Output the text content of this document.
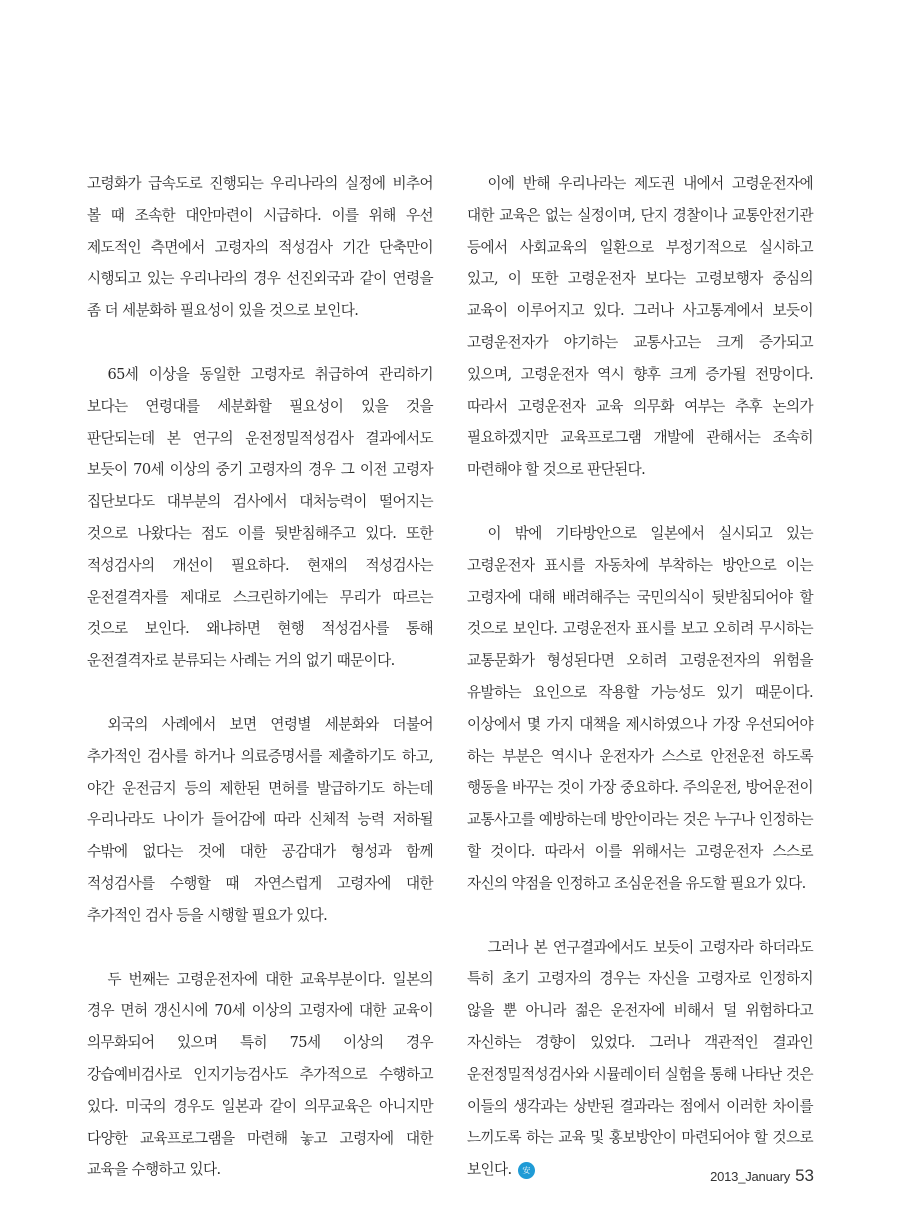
고령화가 급속도로 진행되는 우리나라의 실정에 비추어 볼 때 조속한 대안마련이 시급하다. 이를 위해 우선 제도적인 측면에서 고령자의 적성검사 기간 단축만이 시행되고 있는 우리나라의 경우 선진외국과 같이 연령을 좀 더 세분화하 필요성이 있을 것으로 보인다.

65세 이상을 동일한 고령자로 취급하여 관리하기 보다는 연령대를 세분화할 필요성이 있을 것을 판단되는데 본 연구의 운전정밀적성검사 결과에서도 보듯이 70세 이상의 중기 고령자의 경우 그 이전 고령자 집단보다도 대부분의 검사에서 대처능력이 떨어지는 것으로 나왔다는 점도 이를 뒷받침해주고 있다. 또한 적성검사의 개선이 필요하다. 현재의 적성검사는 운전결격자를 제대로 스크린하기에는 무리가 따르는 것으로 보인다. 왜냐하면 현행 적성검사를 통해 운전결격자로 분류되는 사례는 거의 없기 때문이다.

외국의 사례에서 보면 연령별 세분화와 더불어 추가적인 검사를 하거나 의료증명서를 제출하기도 하고, 야간 운전금지 등의 제한된 면허를 발급하기도 하는데 우리나라도 나이가 들어감에 따라 신체적 능력 저하될 수밖에 없다는 것에 대한 공감대가 형성과 함께 적성검사를 수행할 때 자연스럽게 고령자에 대한 추가적인 검사 등을 시행할 필요가 있다.

두 번째는 고령운전자에 대한 교육부분이다. 일본의 경우 면허 갱신시에 70세 이상의 고령자에 대한 교육이 의무화되어 있으며 특히 75세 이상의 경우 강습예비검사로 인지기능검사도 추가적으로 수행하고 있다. 미국의 경우도 일본과 같이 의무교육은 아니지만 다양한 교육프로그램을 마련해 놓고 고령자에 대한 교육을 수행하고 있다.

이에 반해 우리나라는 제도권 내에서 고령운전자에 대한 교육은 없는 실정이며, 단지 경찰이나 교통안전기관 등에서 사회교육의 일환으로 부정기적으로 실시하고 있고, 이 또한 고령운전자 보다는 고령보행자 중심의 교육이 이루어지고 있다. 그러나 사고통계에서 보듯이 고령운전자가 야기하는 교통사고는 크게 증가되고 있으며, 고령운전자 역시 향후 크게 증가될 전망이다. 따라서 고령운전자 교육 의무화 여부는 추후 논의가 필요하겠지만 교육프로그램 개발에 관해서는 조속히 마련해야 할 것으로 판단된다.

이 밖에 기타방안으로 일본에서 실시되고 있는 고령운전자 표시를 자동차에 부착하는 방안으로 이는 고령자에 대해 배려해주는 국민의식이 뒷받침되어야 할 것으로 보인다. 고령운전자 표시를 보고 오히려 무시하는 교통문화가 형성된다면 오히려 고령운전자의 위험을 유발하는 요인으로 작용할 가능성도 있기 때문이다. 이상에서 몇 가지 대책을 제시하였으나 가장 우선되어야 하는 부분은 역시나 운전자가 스스로 안전운전 하도록 행동을 바꾸는 것이 가장 중요하다. 주의운전, 방어운전이 교통사고를 예방하는데 방안이라는 것은 누구나 인정하는 할 것이다. 따라서 이를 위해서는 고령운전자 스스로 자신의 약점을 인정하고 조심운전을 유도할 필요가 있다.

그러나 본 연구결과에서도 보듯이 고령자라 하더라도 특히 초기 고령자의 경우는 자신을 고령자로 인정하지 않을 뿐 아니라 젊은 운전자에 비해서 덜 위험하다고 자신하는 경향이 있었다. 그러나 객관적인 결과인 운전정밀적성검사와 시뮬레이터 실험을 통해 나타난 것은 이들의 생각과는 상반된 결과라는 점에서 이러한 차이를 느끼도록 하는 교육 및 홍보방안이 마련되어야 할 것으로 보인다. 安	2013_January 53
